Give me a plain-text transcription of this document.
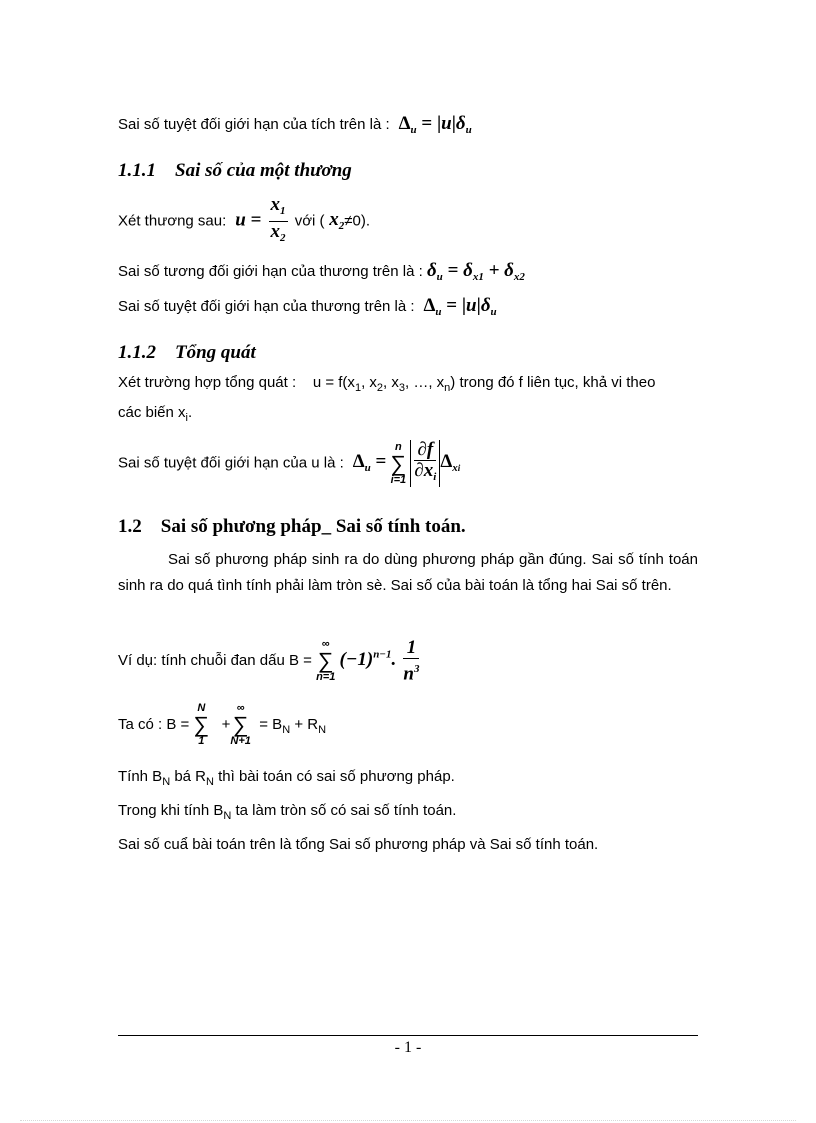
Sai số tuyệt đối giới hạn của tích trên là :  $\Delta_u = |u|\delta_u$
1.1.1 Sai số của một thương
Xét thương sau:  $u = \frac{x_1}{x_2}$ với ( $x_2\ne 0$).
Sai số tương đối giới hạn của thương trên là : $\delta_u = \delta_{x1} + \delta_{x2}$
Sai số tuyệt đối giới hạn của thương trên là :  $\Delta_u = |u|\delta_u$
1.1.2 Tổng quát
Xét trường hợp tổng quát : $u = f(x_1$, $x_2$, $x_3$, …, $x_n$) trong đó f liên tục, khả vi theo
các biến $x_i$.
Sai số tuyệt đối giới hạn của u là :  $\Delta_u$ =
n
∑
i=1
$\frac{\partial f}{\partial x_i} \Delta_{xi}$
1.2 Sai số phương pháp_ Sai số tính toán.
Sai số phương pháp sinh ra do dùng phương pháp gần đúng. Sai số tính toán sinh ra do quá tình tính phải làm tròn sè. Sai số của bài toán là tổng hai Sai số trên.
Ví dụ: tính chuỗi đan dấu B =
∞
∑
n=1
$(-1)^{n-1}$. $\frac{1}{n^3}$
Ta có : B =
N
∑
1
+
∞
∑
N+1
= $B_N + R_N$
Tính $B_N$ bá $R_N$ thì bài toán có sai số phương pháp.
Trong khi tính $B_N$ ta làm tròn số có sai số tính toán.
Sai số cuẩ bài toán trên là tổng Sai số phương pháp và Sai số tính toán.
- 1 -
